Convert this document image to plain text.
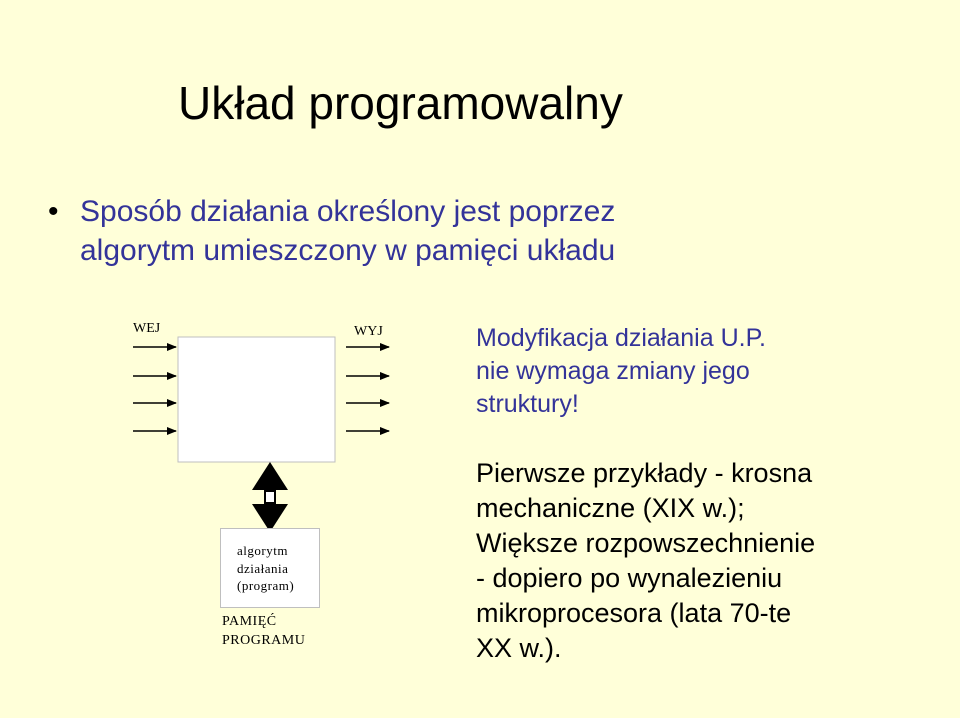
Układ programowalny
• Sposób działania określony jest poprzez
algorytm umieszczony w pamięci układu
WEJ	WYJ
algorytm
działania
(program)
PAMIĘĆ
PROGRAMU
Modyfikacja działania U.P.
nie wymaga zmiany jego
struktury!
Pierwsze przykłady - krosna
mechaniczne (XIX w.);
Większe rozpowszechnienie
- dopiero po wynalezieniu
mikroprocesora (lata 70-te
XX w.).
